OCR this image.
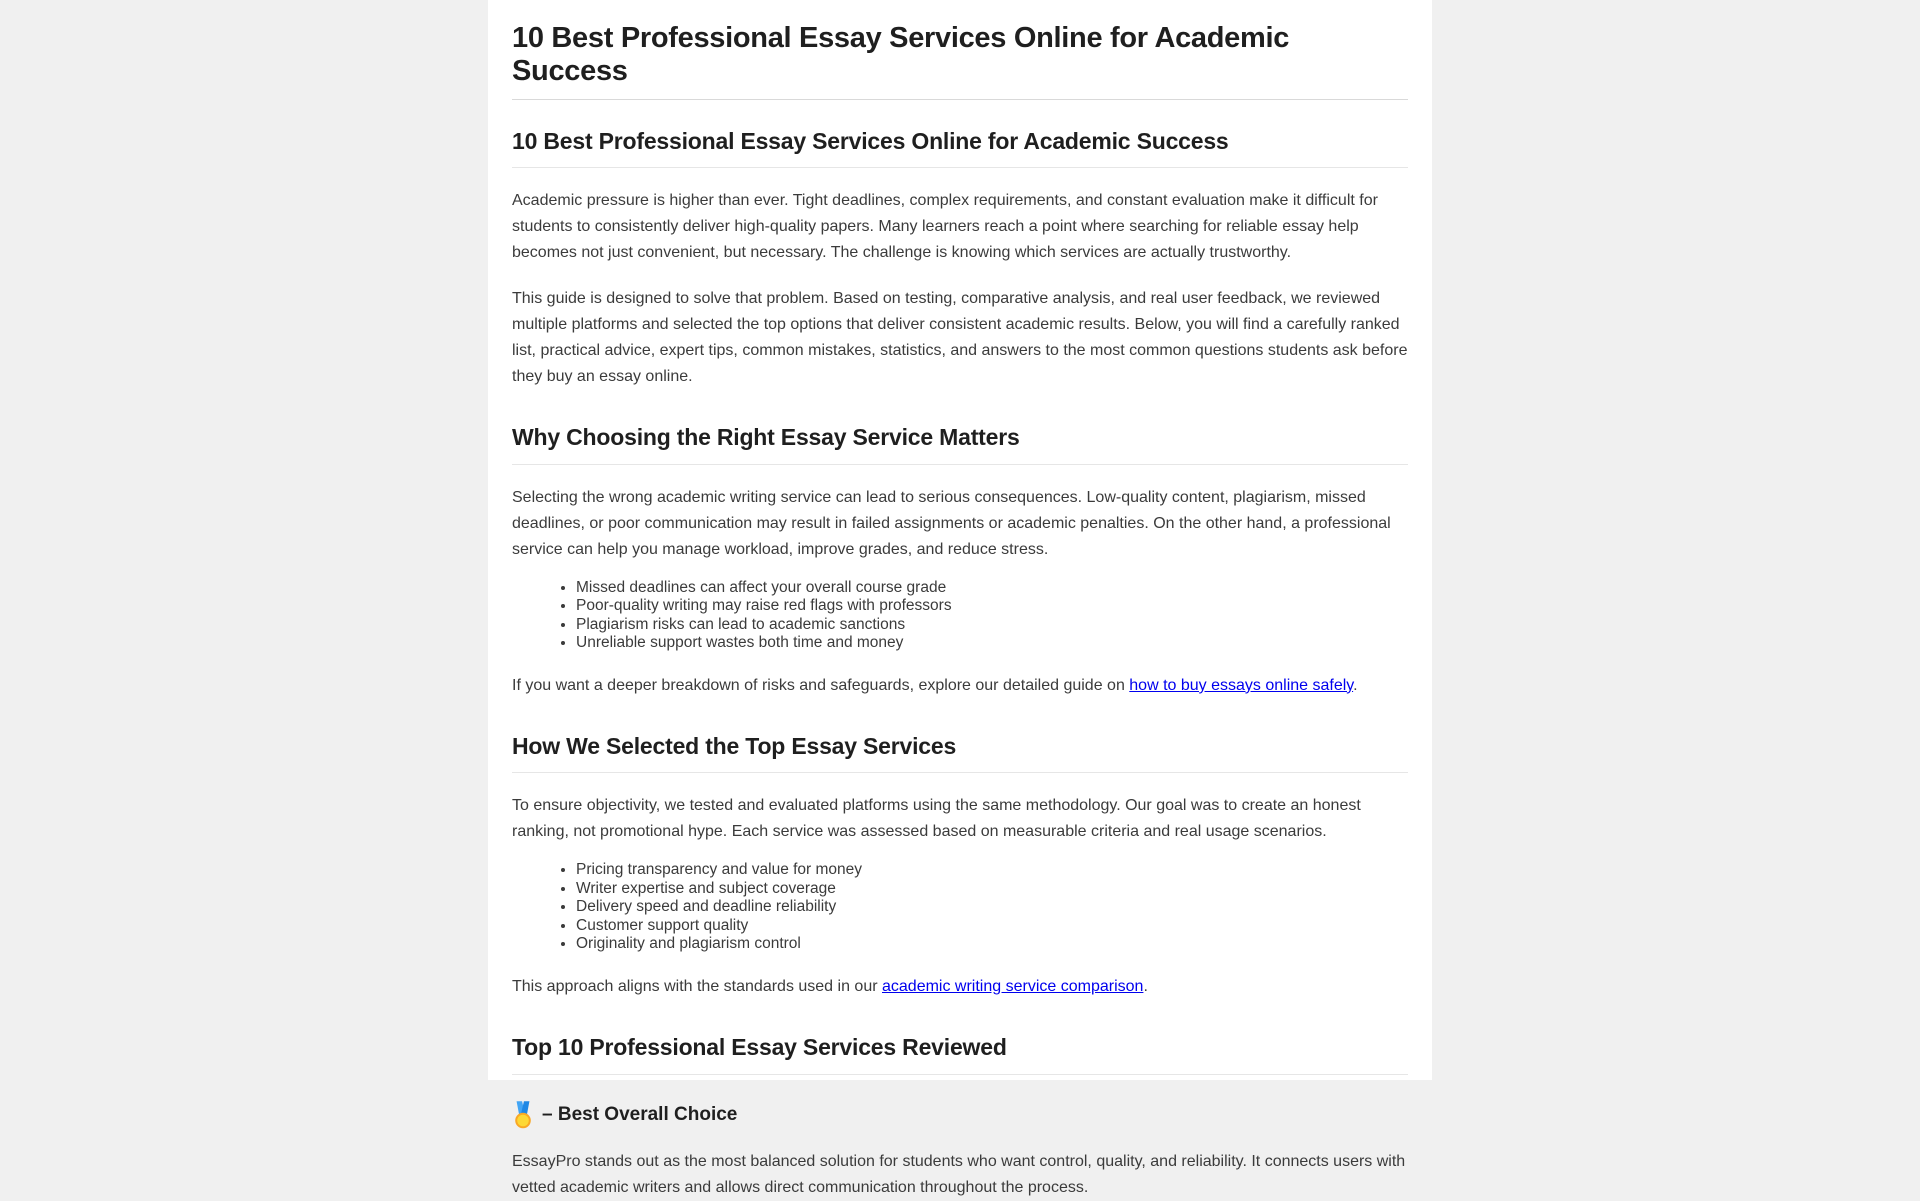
10 Best Professional Essay Services Online for Academic Success
10 Best Professional Essay Services Online for Academic Success

Academic pressure is higher than ever. Tight deadlines, complex requirements, and constant evaluation make it difficult for students to consistently deliver high-quality papers. Many learners reach a point where searching for reliable essay help becomes not just convenient, but necessary. The challenge is knowing which services are actually trustworthy.

This guide is designed to solve that problem. Based on testing, comparative analysis, and real user feedback, we reviewed multiple platforms and selected the top options that deliver consistent academic results. Below, you will find a carefully ranked list, practical advice, expert tips, common mistakes, statistics, and answers to the most common questions students ask before they buy an essay online.

Why Choosing the Right Essay Service Matters

Selecting the wrong academic writing service can lead to serious consequences. Low-quality content, plagiarism, missed deadlines, or poor communication may result in failed assignments or academic penalties. On the other hand, a professional service can help you manage workload, improve grades, and reduce stress.

• Missed deadlines can affect your overall course grade
• Poor-quality writing may raise red flags with professors
• Plagiarism risks can lead to academic sanctions
• Unreliable support wastes both time and money

If you want a deeper breakdown of risks and safeguards, explore our detailed guide on how to buy essays online safely.

How We Selected the Top Essay Services

To ensure objectivity, we tested and evaluated platforms using the same methodology. Our goal was to create an honest ranking, not promotional hype. Each service was assessed based on measurable criteria and real usage scenarios.

• Pricing transparency and value for money
• Writer expertise and subject coverage
• Delivery speed and deadline reliability
• Customer support quality
• Originality and plagiarism control

This approach aligns with the standards used in our academic writing service comparison.

Top 10 Professional Essay Services Reviewed
– Best Overall Choice

EssayPro stands out as the most balanced solution for students who want control, quality, and reliability. It connects users with vetted academic writers and allows direct communication throughout the process.
